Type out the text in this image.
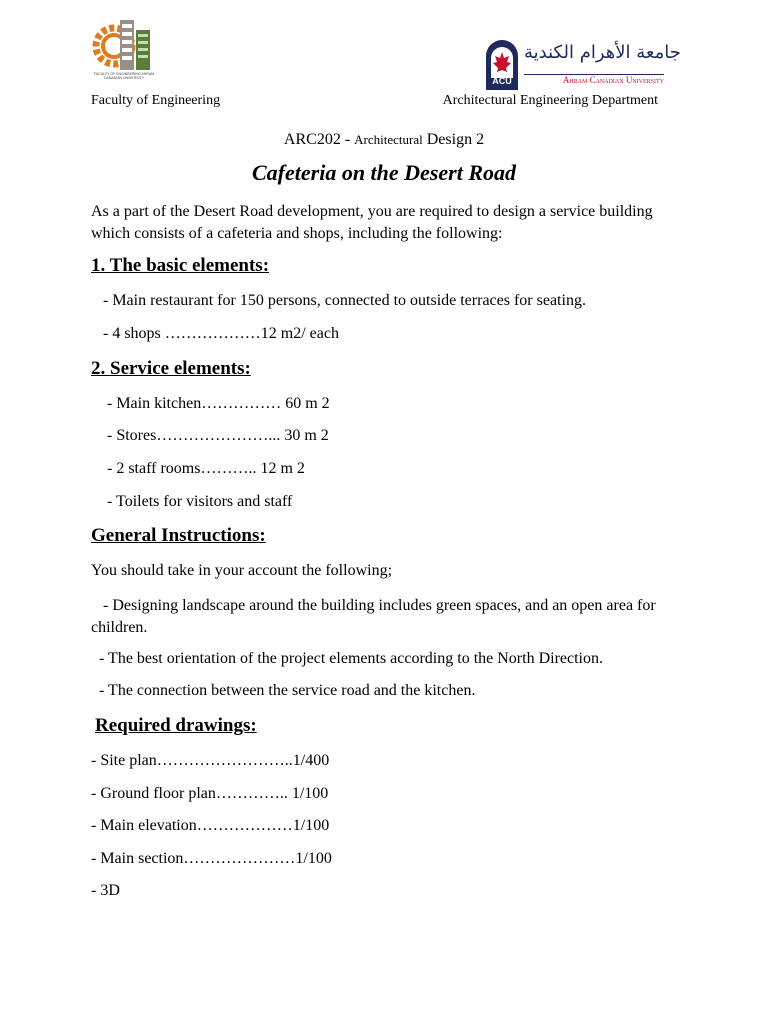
FACULTY OF ENGINEERING AHRAM CANADIAN UNIVERSITY	ACU
جامعة الأهرام الكندية
Ahram Canadian University
Faculty of Engineering	Architectural Engineering Department
ARC202 - Architectural Design 2
Cafeteria on the Desert Road
As a part of the Desert Road development, you are required to design a service building which consists of a cafeteria and shops, including the following:
1. The basic elements:
- Main restaurant for 150 persons, connected to outside terraces for seating.
- 4 shops ………………12 m2/ each
2. Service elements:
- Main kitchen…………… 60 m 2
- Stores…………………... 30 m 2
- 2 staff rooms……….. 12 m 2
- Toilets for visitors and staff
General Instructions:
You should take in your account the following;
- Designing landscape around the building includes green spaces, and an open area for children.
- The best orientation of the project elements according to the North Direction.
- The connection between the service road and the kitchen.
Required drawings:
- Site plan……………………..1/400
- Ground floor plan………….. 1/100
- Main elevation………………1/100
- Main section…………………1/100
- 3D
